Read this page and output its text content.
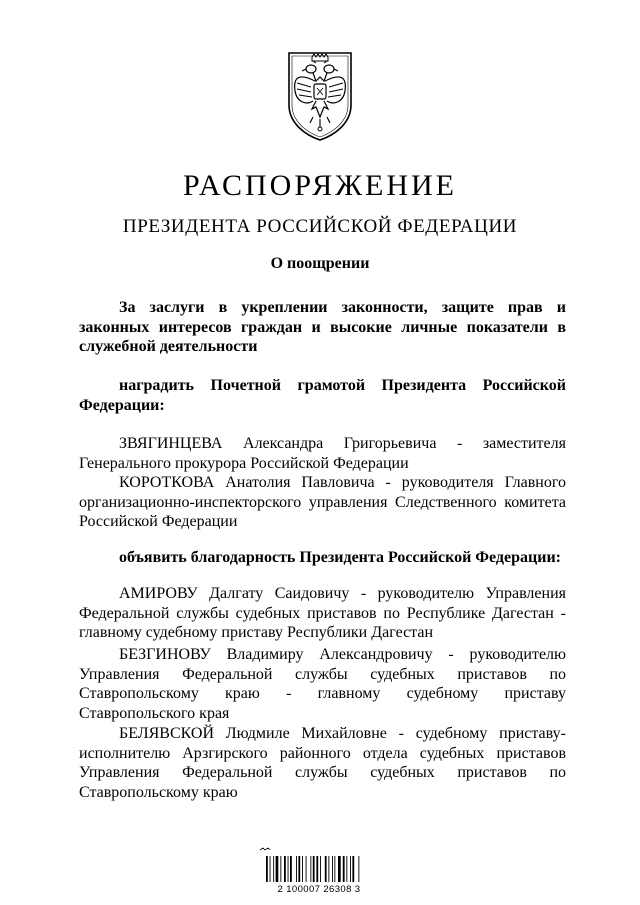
РАСПОРЯЖЕНИЕ
ПРЕЗИДЕНТА РОССИЙСКОЙ ФЕДЕРАЦИИ
О поощрении
За заслуги в укреплении законности, защите прав и законных интересов граждан и высокие личные показатели в служебной деятельности
наградить Почетной грамотой Президента Российской Федерации:
ЗВЯГИНЦЕВА Александра Григорьевича - заместителя Генерального прокурора Российской Федерации
КОРОТКОВА Анатолия Павловича - руководителя Главного организационно-инспекторского управления Следственного комитета Российской Федерации
объявить благодарность Президента Российской Федерации:
АМИРОВУ Далгату Саидовичу - руководителю Управления Федеральной службы судебных приставов по Республике Дагестан - главному судебному приставу Республики Дагестан
БЕЗГИНОВУ Владимиру Александровичу - руководителю Управления Федеральной службы судебных приставов по Ставропольскому краю - главному судебному приставу Ставропольского края
БЕЛЯВСКОЙ Людмиле Михайловне - судебному приставу-исполнителю Арзгирского районного отдела судебных приставов Управления Федеральной службы судебных приставов по Ставропольскому краю
2 100007 26308 3
